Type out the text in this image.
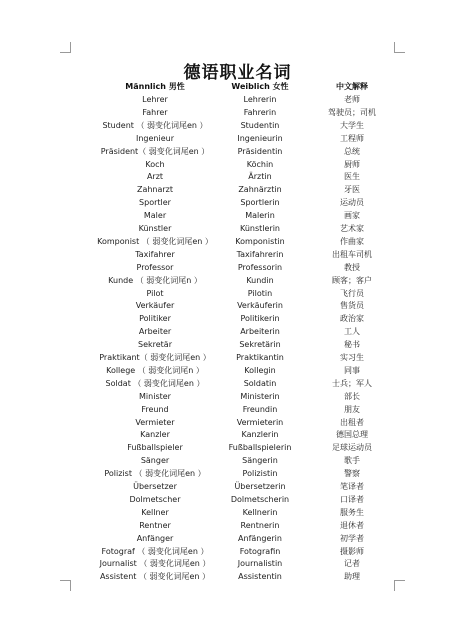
德语职业名词
Männlich 男性	Weiblich 女性	中文解释
Lehrer	Lehrerin	老师
Fahrer	Fahrerin	驾驶员；司机
Student （ 弱变化词尾en ）	Studentin	大学生
Ingenieur	Ingenieurin	工程师
Präsident（ 弱变化词尾en ）	Präsidentin	总统
Koch	Köchin	厨师
Arzt	Ärztin	医生
Zahnarzt	Zahnärztin	牙医
Sportler	Sportlerin	运动员
Maler	Malerin	画家
Künstler	Künstlerin	艺术家
Komponist （ 弱变化词尾en ）	Komponistin	作曲家
Taxifahrer	Taxifahrerin	出租车司机
Professor	Professorin	教授
Kunde （ 弱变化词尾n ）	Kundin	顾客；客户
Pilot	Pilotin	飞行员
Verkäufer	Verkäuferin	售货员
Politiker	Politikerin	政治家
Arbeiter	Arbeiterin	工人
Sekretär	Sekretärin	秘书
Praktikant（ 弱变化词尾en ）	Praktikantin	实习生
Kollege （ 弱变化词尾n ）	Kollegin	同事
Soldat （ 弱变化词尾en ）	Soldatin	士兵；军人
Minister	Ministerin	部长
Freund	Freundin	朋友
Vermieter	Vermieterin	出租者
Kanzler	Kanzlerin	德国总理
Fußballspieler	Fußballspielerin	足球运动员
Sänger	Sängerin	歌手
Polizist （ 弱变化词尾en ）	Polizistin	警察
Übersetzer	Übersetzerin	笔译者
Dolmetscher	Dolmetscherin	口译者
Kellner	Kellnerin	服务生
Rentner	Rentnerin	退休者
Anfänger	Anfängerin	初学者
Fotograf （ 弱变化词尾en ）	Fotografin	摄影师
Journalist （ 弱变化词尾en ）	Journalistin	记者
Assistent （ 弱变化词尾en ）	Assistentin	助理
